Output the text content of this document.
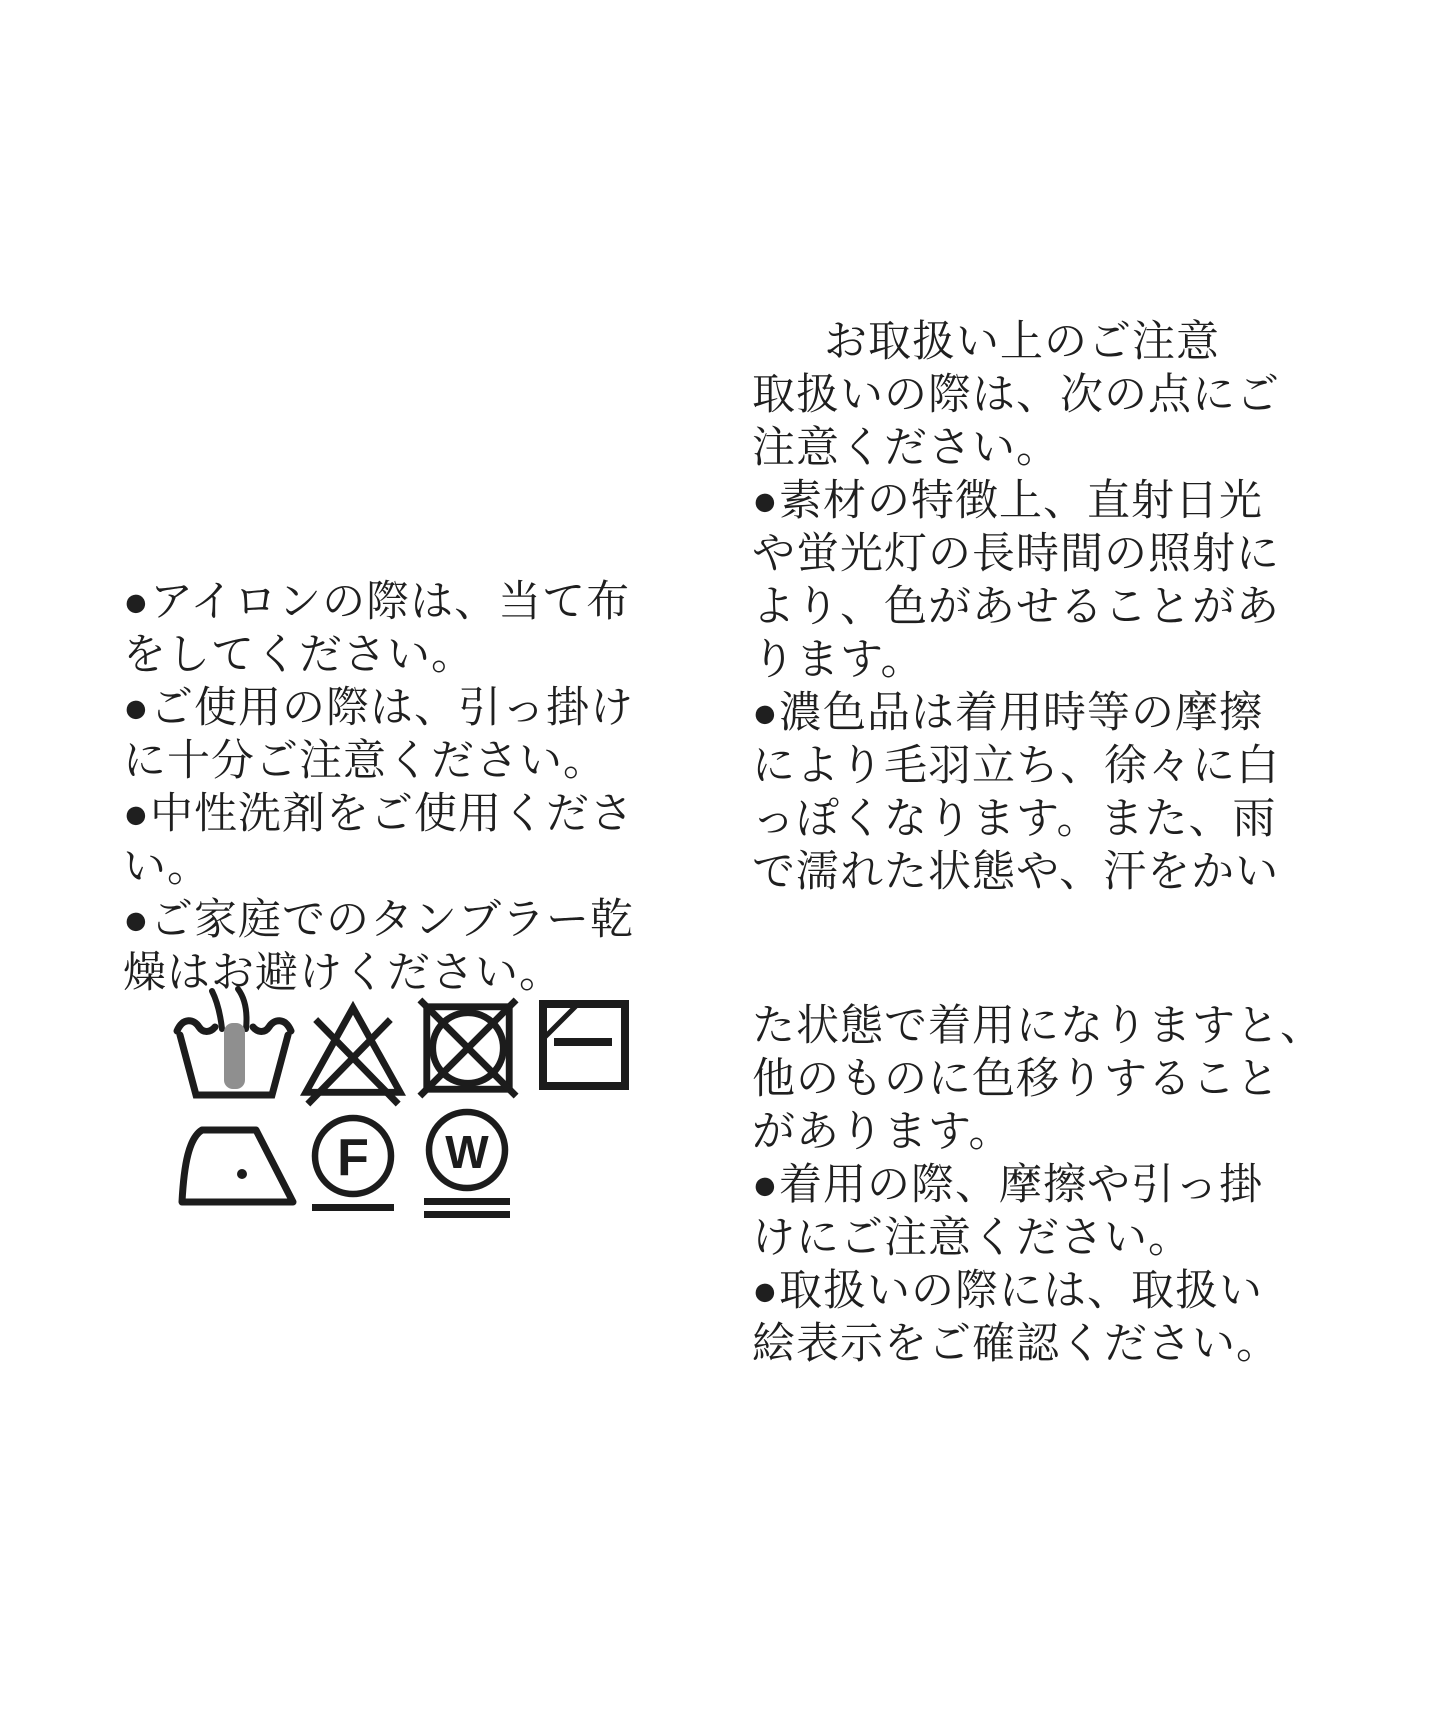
●アイロンの際は、当て布
をしてください。
●ご使用の際は、引っ掛け
に十分ご注意ください。
●中性洗剤をご使用くださ
い。
●ご家庭でのタンブラー乾
燥はお避けください。
お取扱い上のご注意
取扱いの際は、次の点にご
注意ください。
●素材の特徴上、直射日光
や蛍光灯の長時間の照射に
より、色があせることがあ
ります。
●濃色品は着用時等の摩擦
により毛羽立ち、徐々に白
っぽくなります。また、雨
で濡れた状態や、汗をかい
た状態で着用になりますと、
他のものに色移りすること
があります。
●着用の際、摩擦や引っ掛
けにご注意ください。
●取扱いの際には、取扱い
絵表示をご確認ください。
F W
